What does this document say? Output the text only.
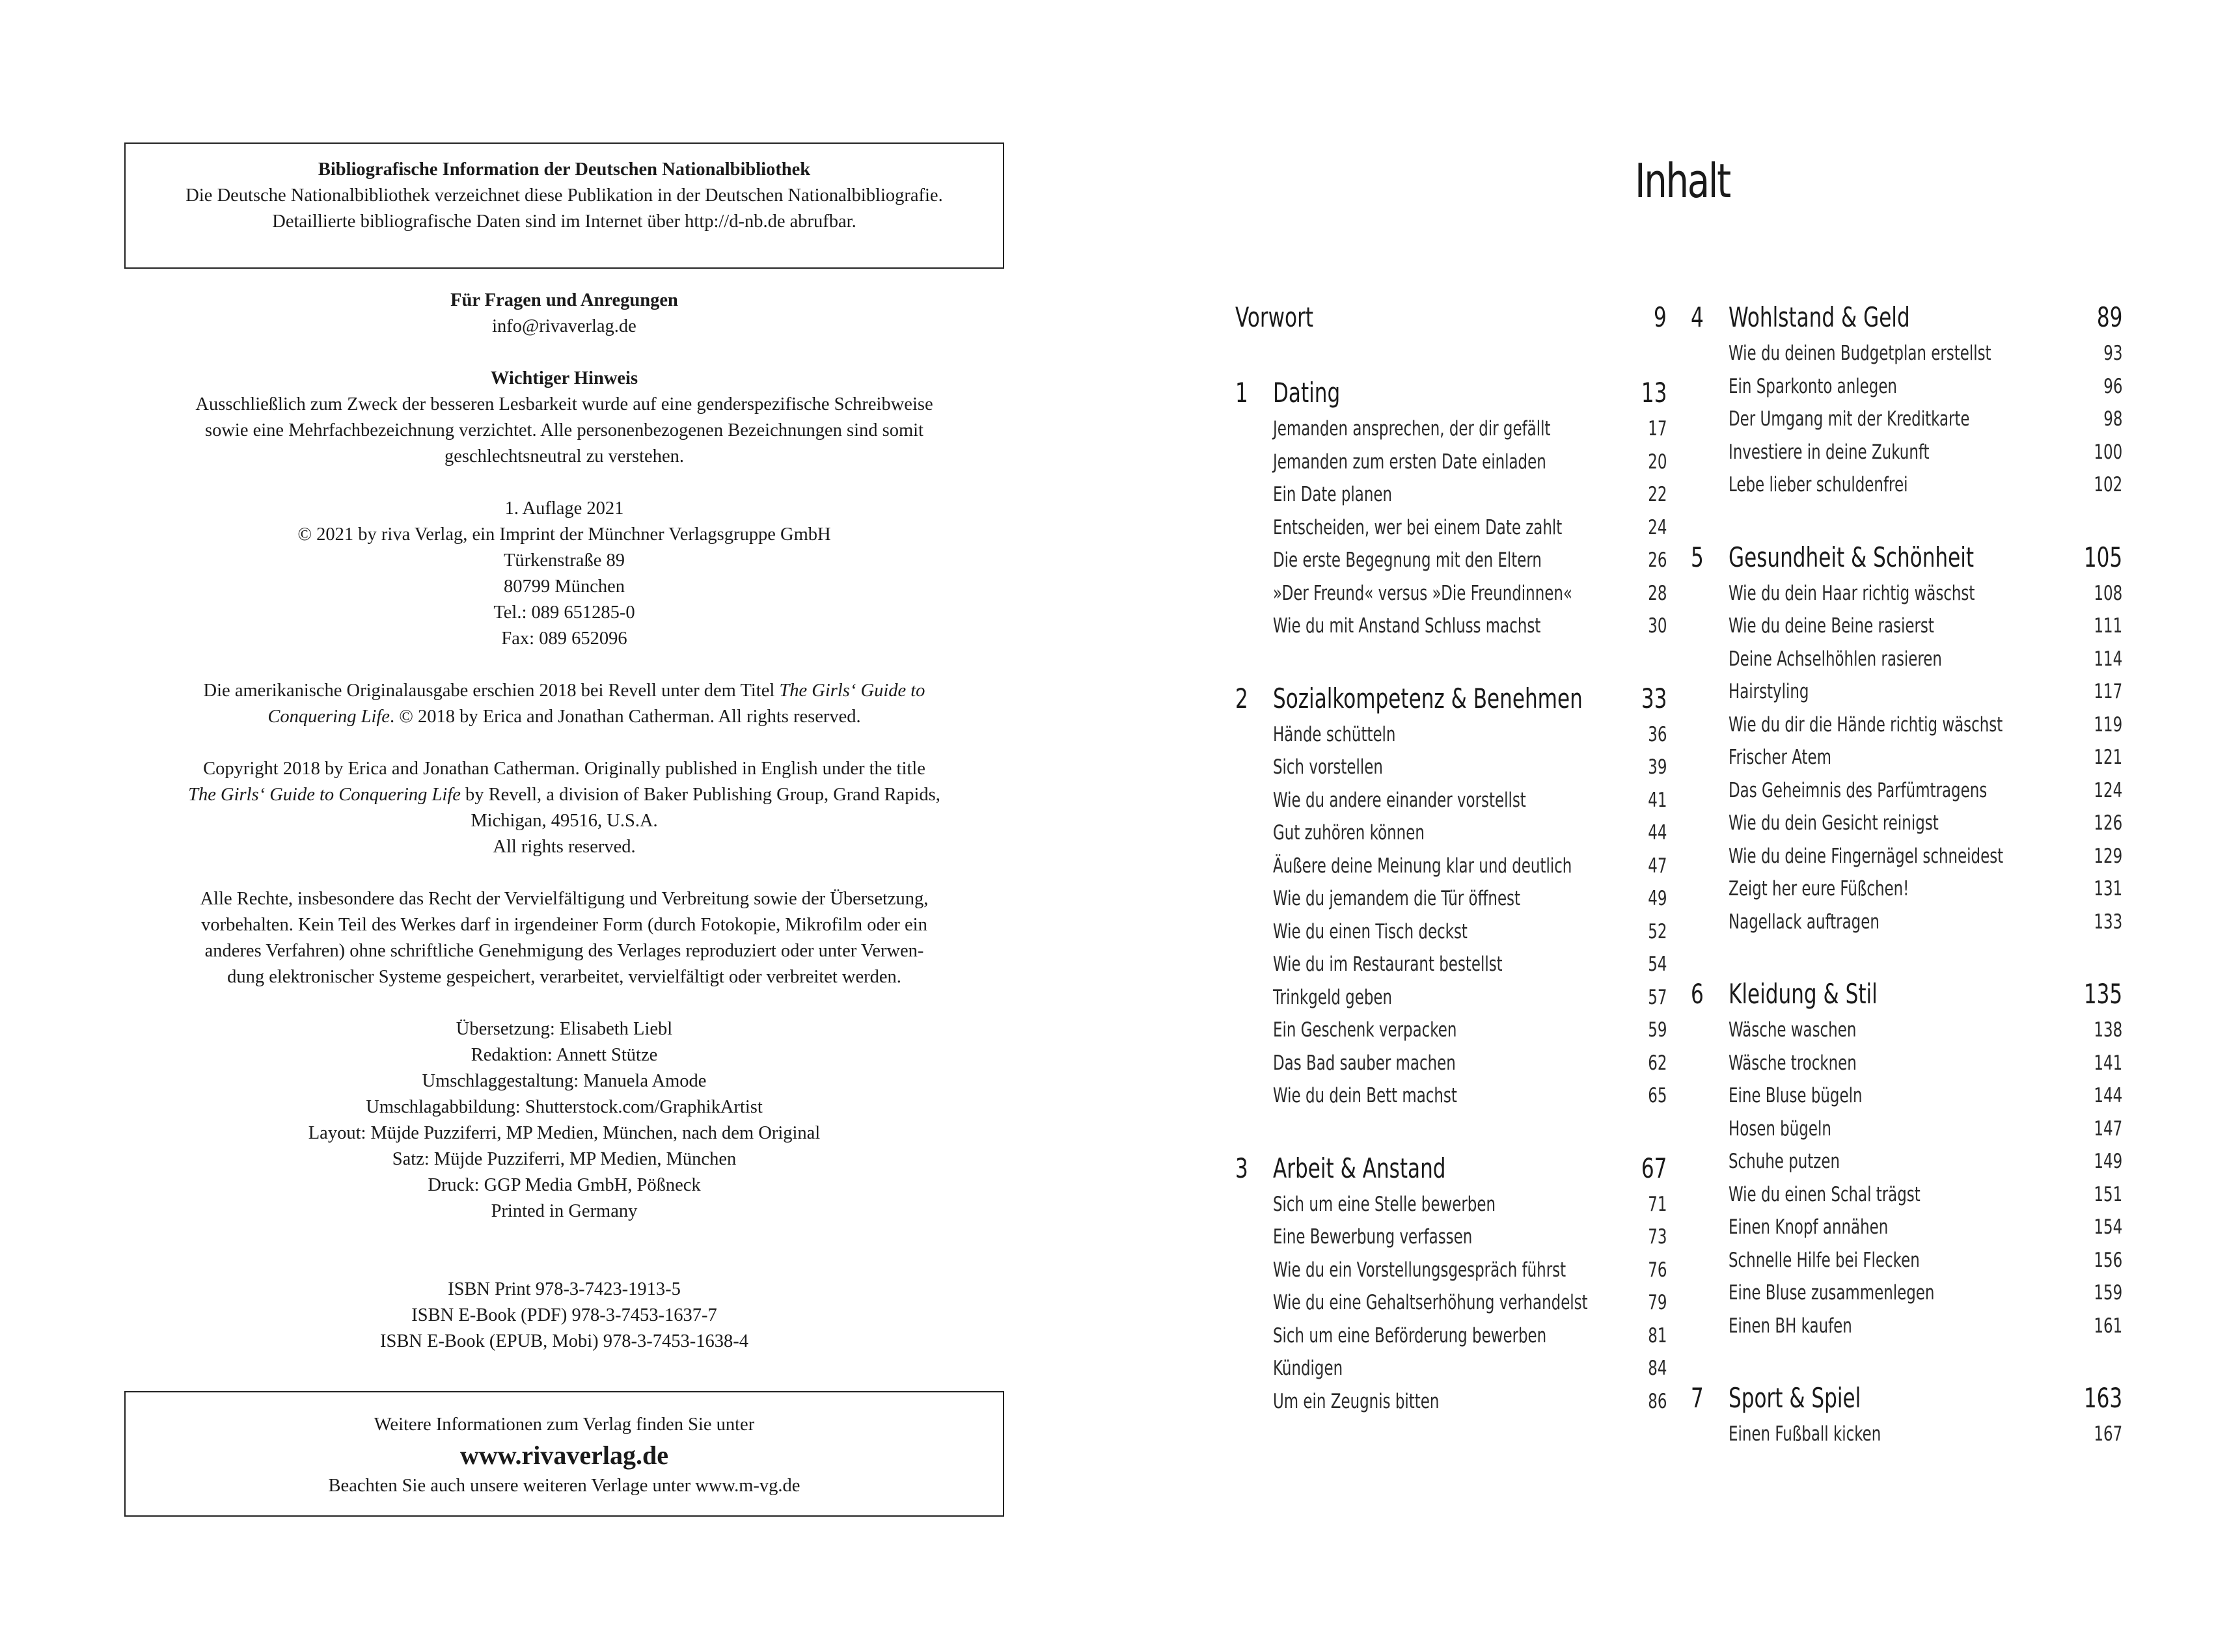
Bibliografische Information der Deutschen Nationalbibliothek
Die Deutsche Nationalbibliothek verzeichnet diese Publikation in der Deutschen Nationalbibliografie.
Detaillierte bibliografische Daten sind im Internet über http://d-nb.de abrufbar.

Für Fragen und Anregungen

info@rivaverlag.de

Wichtiger Hinweis

Ausschließlich zum Zweck der besseren Lesbarkeit wurde auf eine genderspezifische Schreibweise

sowie eine Mehrfachbezeichnung verzichtet. Alle personenbezogenen Bezeichnungen sind somit

geschlechtsneutral zu verstehen.

1. Auflage 2021

© 2021 by riva Verlag, ein Imprint der Münchner Verlagsgruppe GmbH

Türkenstraße 89

80799 München

Tel.: 089 651285-0

Fax: 089 652096

Die amerikanische Originalausgabe erschien 2018 bei Revell unter dem Titel The Girls‘ Guide to

Conquering Life. © 2018 by Erica and Jonathan Catherman. All rights reserved.

Copyright 2018 by Erica and Jonathan Catherman. Originally published in English under the title

The Girls‘ Guide to Conquering Life by Revell, a division of Baker Publishing Group, Grand Rapids,

Michigan, 49516, U.S.A.

All rights reserved.

Alle Rechte, insbesondere das Recht der Vervielfältigung und Verbreitung sowie der Übersetzung,

vorbehalten. Kein Teil des Werkes darf in irgendeiner Form (durch Fotokopie, Mikrofilm oder ein

anderes Verfahren) ohne schriftliche Genehmigung des Verlages reproduziert oder unter Verwen-

dung elektronischer Systeme gespeichert, verarbeitet, vervielfältigt oder verbreitet werden.

Übersetzung: Elisabeth Liebl

Redaktion: Annett Stütze

Umschlaggestaltung: Manuela Amode

Umschlagabbildung: Shutterstock.com/GraphikArtist

Layout: Müjde Puzziferri, MP Medien, München, nach dem Original

Satz: Müjde Puzziferri, MP Medien, München

Druck: GGP Media GmbH, Pößneck

Printed in Germany

ISBN Print 978-3-7423-1913-5

ISBN E-Book (PDF) 978-3-7453-1637-7

ISBN E-Book (EPUB, Mobi) 978-3-7453-1638-4

Weitere Informationen zum Verlag finden Sie unter
www.rivaverlag.de
Beachten Sie auch unsere weiteren Verlage unter www.m-vg.de
Inhalt
Vorwort	9
1 Dating	13
Jemanden ansprechen, der dir gefällt	17
Jemanden zum ersten Date einladen	20
Ein Date planen	22
Entscheiden, wer bei einem Date zahlt	24
Die erste Begegnung mit den Eltern	26
»Der Freund« versus »Die Freundinnen«	28
Wie du mit Anstand Schluss machst	30
2 Sozialkompetenz & Benehmen 33
Hände schütteln	36
Sich vorstellen	39
Wie du andere einander vorstellst	41
Gut zuhören können	44
Äußere deine Meinung klar und deutlich	47
Wie du jemandem die Tür öffnest	49
Wie du einen Tisch deckst	52
Wie du im Restaurant bestellst	54
Trinkgeld geben	57
Ein Geschenk verpacken	59
Das Bad sauber machen	62
Wie du dein Bett machst	65
3 Arbeit & Anstand	67
Sich um eine Stelle bewerben	71
Eine Bewerbung verfassen	73
Wie du ein Vorstellungsgespräch führst	76
Wie du eine Gehaltserhöhung verhandelst	79
Sich um eine Beförderung bewerben	81
Kündigen	84
Um ein Zeugnis bitten	86
4 Wohlstand & Geld	89
Wie du deinen Budgetplan erstellst	93
Ein Sparkonto anlegen	96
Der Umgang mit der Kreditkarte	98
Investiere in deine Zukunft	100
Lebe lieber schuldenfrei	102
5 Gesundheit & Schönheit	105
Wie du dein Haar richtig wäschst	108
Wie du deine Beine rasierst	111
Deine Achselhöhlen rasieren	114
Hairstyling	117
Wie du dir die Hände richtig wäschst	119
Frischer Atem	121
Das Geheimnis des Parfümtragens	124
Wie du dein Gesicht reinigst	126
Wie du deine Fingernägel schneidest	129
Zeigt her eure Füßchen!	131
Nagellack auftragen	133
6 Kleidung & Stil	135
Wäsche waschen	138
Wäsche trocknen	141
Eine Bluse bügeln	144
Hosen bügeln	147
Schuhe putzen	149
Wie du einen Schal trägst	151
Einen Knopf annähen	154
Schnelle Hilfe bei Flecken	156
Eine Bluse zusammenlegen	159
Einen BH kaufen	161
7 Sport & Spiel	163
Einen Fußball kicken	167
